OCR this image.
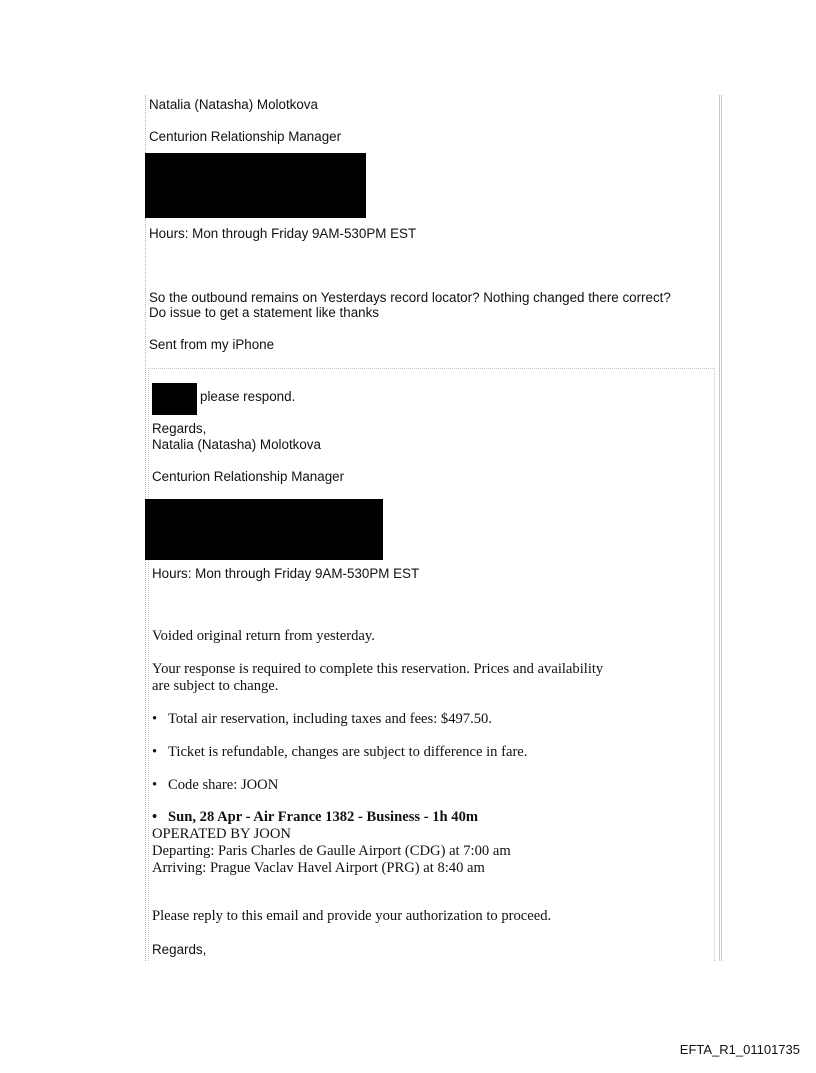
Natalia (Natasha) Molotkova
Centurion Relationship Manager
Hours: Mon through Friday 9AM-530PM EST
So the outbound remains on Yesterdays record locator? Nothing changed there correct?
Do issue to get a statement like thanks
Sent from my iPhone
please respond.
Regards,
Natalia (Natasha) Molotkova
Centurion Relationship Manager
Hours: Mon through Friday 9AM-530PM EST
Voided original return from yesterday.
Your response is required to complete this reservation. Prices and availability
are subject to change.
• Total air reservation, including taxes and fees: $497.50.
• Ticket is refundable, changes are subject to difference in fare.
• Code share: JOON
• Sun, 28 Apr - Air France 1382 - Business - 1h 40m
OPERATED BY JOON
Departing: Paris Charles de Gaulle Airport (CDG) at 7:00 am
Arriving: Prague Vaclav Havel Airport (PRG) at 8:40 am
Please reply to this email and provide your authorization to proceed.
Regards,
EFTA_R1_01101735
